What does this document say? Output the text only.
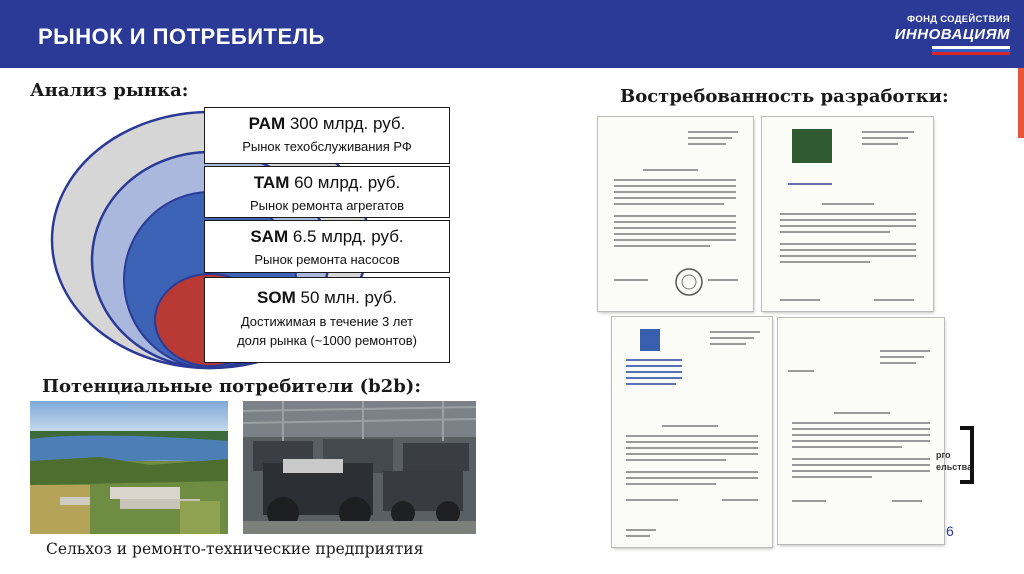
РЫНОК И ПОТРЕБИТЕЛЬ
ФОНД СОДЕЙСТВИЯ
ИННОВАЦИЯМ
Анализ рынка:
PAM 300 млрд. руб.
Рынок техобслуживания РФ
TAM 60 млрд. руб.
Рынок ремонта агрегатов
SAM 6.5 млрд. руб.
Рынок ремонта насосов
SOM 50 млн. руб.
Достижимая в течение 3 лет
доля рынка (~1000 ремонтов)
Потенциальные потребители (b2b):
Сельхоз и ремонто-технические предприятия
Востребованность разработки:
рго
ельства
6
